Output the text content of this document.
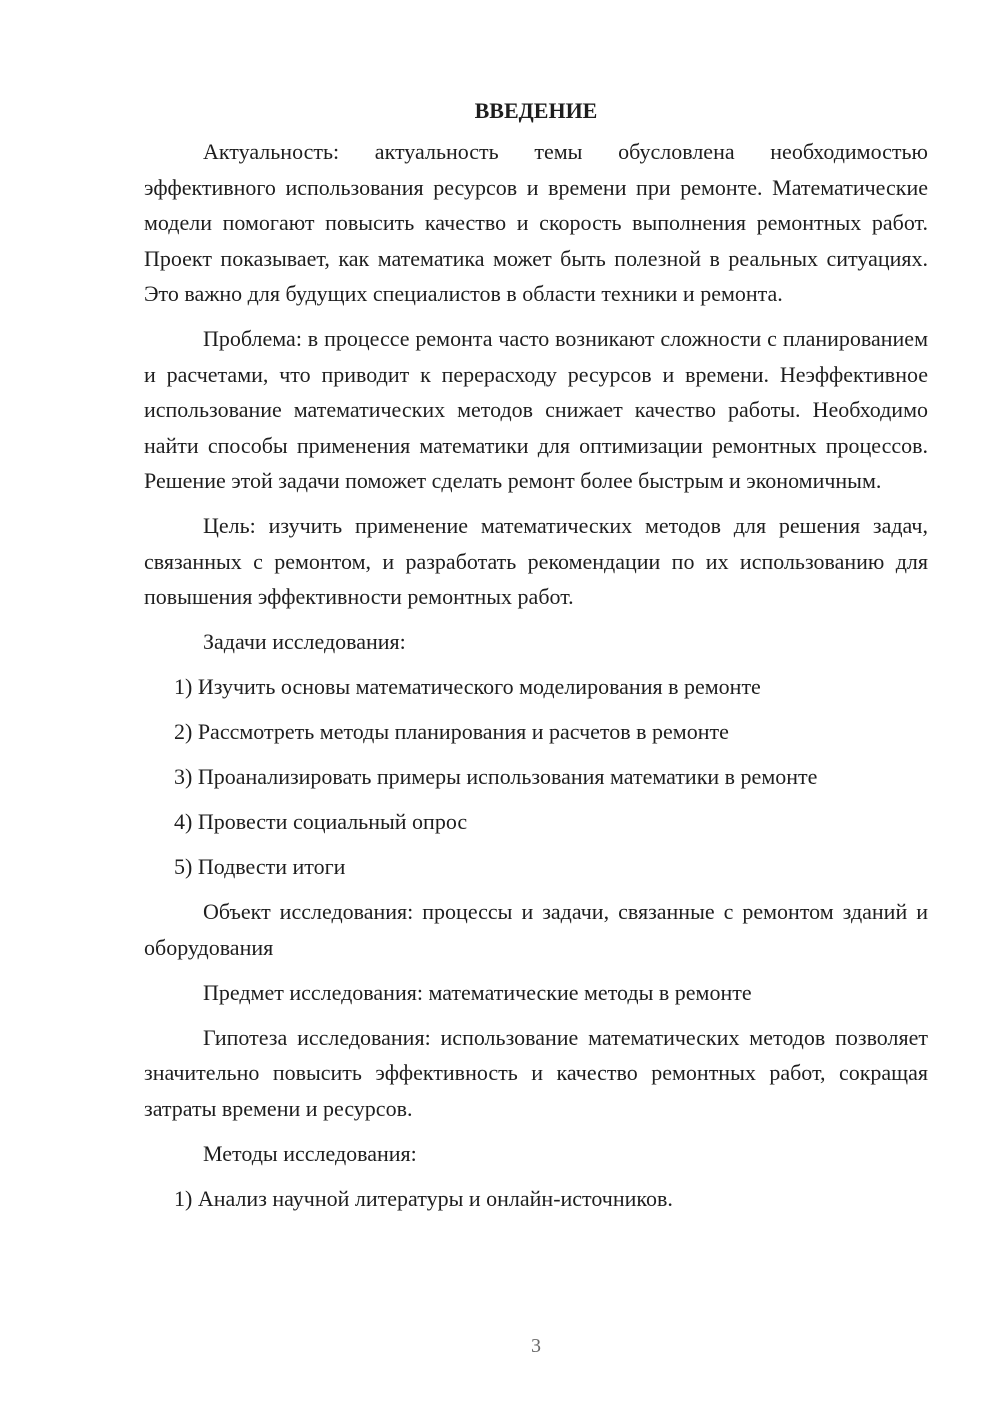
ВВЕДЕНИЕ

Актуальность: актуальность темы обусловлена необходимостью эффективного использования ресурсов и времени при ремонте. Математические модели помогают повысить качество и скорость выполнения ремонтных работ. Проект показывает, как математика может быть полезной в реальных ситуациях. Это важно для будущих специалистов в области техники и ремонта.

Проблема: в процессе ремонта часто возникают сложности с планированием и расчетами, что приводит к перерасходу ресурсов и времени. Неэффективное использование математических методов снижает качество работы. Необходимо найти способы применения математики для оптимизации ремонтных процессов. Решение этой задачи поможет сделать ремонт более быстрым и экономичным.

Цель: изучить применение математических методов для решения задач, связанных с ремонтом, и разработать рекомендации по их использованию для повышения эффективности ремонтных работ.

Задачи исследования:

1) Изучить основы математического моделирования в ремонте

2) Рассмотреть методы планирования и расчетов в ремонте

3) Проанализировать примеры использования математики в ремонте

4) Провести социальный опрос

5) Подвести итоги

Объект исследования: процессы и задачи, связанные с ремонтом зданий и оборудования

Предмет исследования: математические методы в ремонте

Гипотеза исследования: использование математических методов позволяет значительно повысить эффективность и качество ремонтных работ, сокращая затраты времени и ресурсов.

Методы исследования:

1) Анализ научной литературы и онлайн-источников.

3
